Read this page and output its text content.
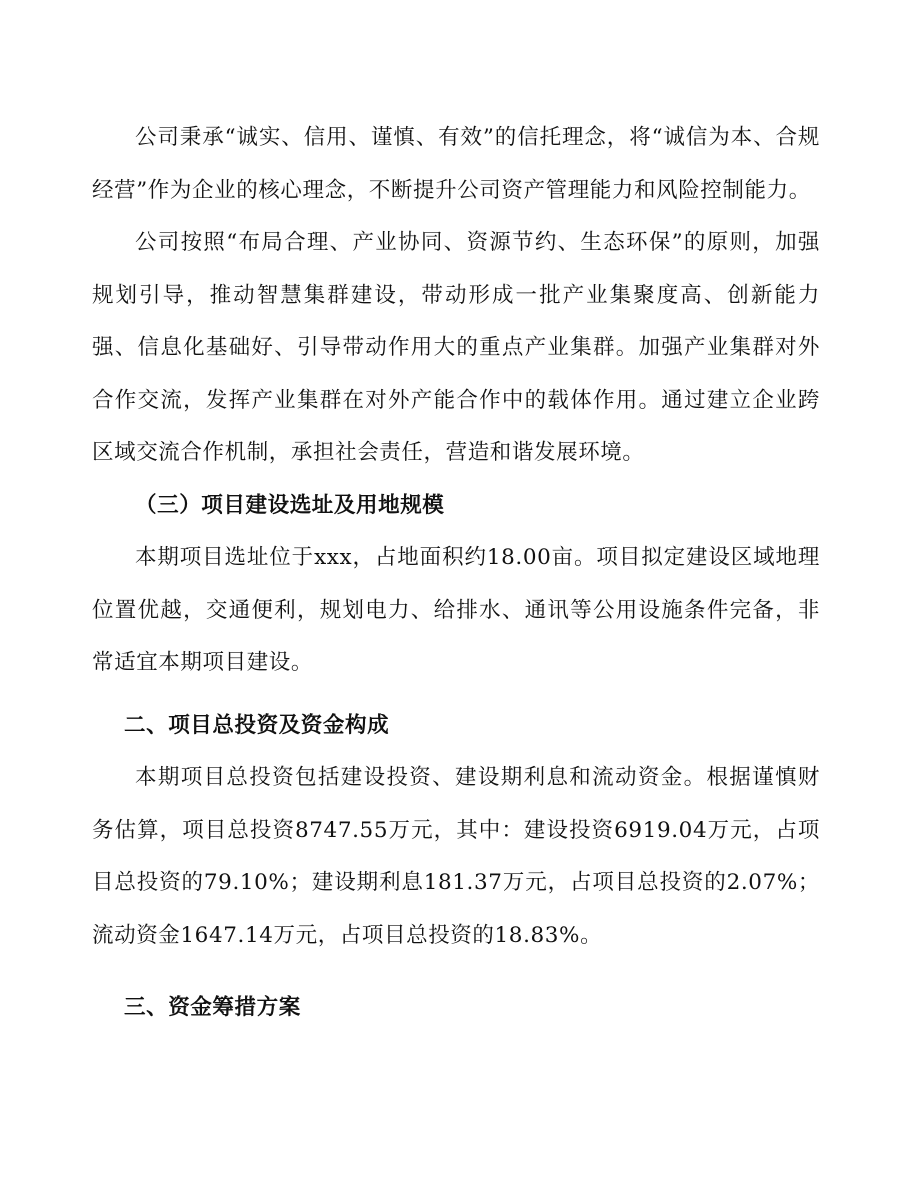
公司秉承“诚实、信用、谨慎、有效”的信托理念，将“诚信为本、合规经营”作为企业的核心理念，不断提升公司资产管理能力和风险控制能力。

公司按照“布局合理、产业协同、资源节约、生态环保”的原则，加强规划引导，推动智慧集群建设，带动形成一批产业集聚度高、创新能力强、信息化基础好、引导带动作用大的重点产业集群。加强产业集群对外合作交流，发挥产业集群在对外产能合作中的载体作用。通过建立企业跨区域交流合作机制，承担社会责任，营造和谐发展环境。

（三）项目建设选址及用地规模

本期项目选址位于xxx，占地面积约18.00亩。项目拟定建设区域地理位置优越，交通便利，规划电力、给排水、通讯等公用设施条件完备，非常适宜本期项目建设。

二、项目总投资及资金构成

本期项目总投资包括建设投资、建设期利息和流动资金。根据谨慎财务估算，项目总投资8747.55万元，其中：建设投资6919.04万元，占项目总投资的79.10%；建设期利息181.37万元，占项目总投资的2.07%；流动资金1647.14万元，占项目总投资的18.83%。

三、资金筹措方案
